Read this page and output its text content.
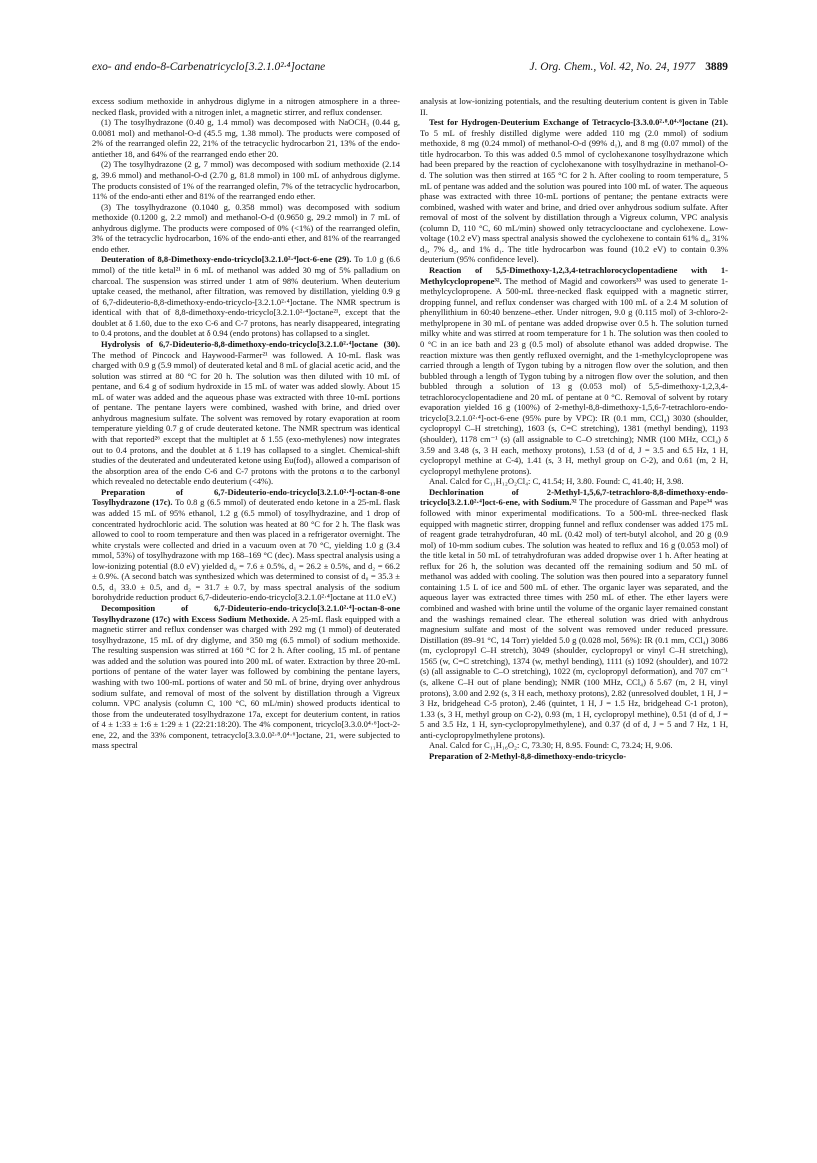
exo- and endo-8-Carbenatricyclo[3.2.1.0²·⁴]octane	J. Org. Chem., Vol. 42, No. 24, 1977 3889

excess sodium methoxide in anhydrous diglyme in a nitrogen atmosphere in a three-necked flask, provided with a nitrogen inlet, a magnetic stirrer, and reflux condenser.

(1) The tosylhydrazone (0.40 g, 1.4 mmol) was decomposed with NaOCH₃ (0.44 g, 0.0081 mol) and methanol-O-d (45.5 mg, 1.38 mmol). The products were composed of 2% of the rearranged olefin 22, 21% of the tetracyclic hydrocarbon 21, 13% of the endo-antiether 18, and 64% of the rearranged endo ether 20.

(2) The tosylhydrazone (2 g, 7 mmol) was decomposed with sodium methoxide (2.14 g, 39.6 mmol) and methanol-O-d (2.70 g, 81.8 mmol) in 100 mL of anhydrous diglyme. The products consisted of 1% of the rearranged olefin, 7% of the tetracyclic hydrocarbon, 11% of the endo-anti ether and 81% of the rearranged endo ether.

(3) The tosylhydrazone (0.1040 g, 0.358 mmol) was decomposed with sodium methoxide (0.1200 g, 2.2 mmol) and methanol-O-d (0.9650 g, 29.2 mmol) in 7 mL of anhydrous diglyme. The products were composed of 0% (<1%) of the rearranged olefin, 3% of the tetracyclic hydrocarbon, 16% of the endo-anti ether, and 81% of the rearranged endo ether.

Deuteration of 8,8-Dimethoxy-endo-tricyclo[3.2.1.0²·⁴]oct-6-ene (29). To 1.0 g (6.6 mmol) of the title ketal²¹ in 6 mL of methanol was added 30 mg of 5% palladium on charcoal. The suspension was stirred under 1 atm of 98% deuterium. When deuterium uptake ceased, the methanol, after filtration, was removed by distillation, yielding 0.9 g of 6,7-dideuterio-8,8-dimethoxy-endo-tricyclo-[3.2.1.0²·⁴]octane. The NMR spectrum is identical with that of 8,8-dimethoxy-endo-tricyclo[3.2.1.0²·⁴]octane²¹, except that the doublet at δ 1.60, due to the exo C-6 and C-7 protons, has nearly disappeared, integrating to 0.4 protons, and the doublet at δ 0.94 (endo protons) has collapsed to a singlet.

Hydrolysis of 6,7-Dideuterio-8,8-dimethoxy-endo-tricyclo[3.2.1.0²·⁴]octane (30). The method of Pincock and Haywood-Farmer²¹ was followed. A 10-mL flask was charged with 0.9 g (5.9 mmol) of deuterated ketal and 8 mL of glacial acetic acid, and the solution was stirred at 80 °C for 20 h. The solution was then diluted with 10 mL of pentane, and 6.4 g of sodium hydroxide in 15 mL of water was added slowly. About 15 mL of water was added and the aqueous phase was extracted with three 10-mL portions of pentane. The pentane layers were combined, washed with brine, and dried over anhydrous magnesium sulfate. The solvent was removed by rotary evaporation at room temperature yielding 0.7 g of crude deuterated ketone. The NMR spectrum was identical with that reported²⁶ except that the multiplet at δ 1.55 (exo-methylenes) now integrates out to 0.4 protons, and the doublet at δ 1.19 has collapsed to a singlet. Chemical-shift studies of the deuterated and undeuterated ketone using Eu(fod)₃ allowed a comparison of the absorption area of the endo C-6 and C-7 protons with the protons α to the carbonyl which revealed no detectable endo deuterium (<4%).

Preparation of 6,7-Dideuterio-endo-tricyclo[3.2.1.0²·⁴]-octan-8-one Tosylhydrazone (17c). To 0.8 g (6.5 mmol) of deuterated endo ketone in a 25-mL flask was added 15 mL of 95% ethanol, 1.2 g (6.5 mmol) of tosylhydrazine, and 1 drop of concentrated hydrochloric acid. The solution was heated at 80 °C for 2 h. The flask was allowed to cool to room temperature and then was placed in a refrigerator overnight. The white crystals were collected and dried in a vacuum oven at 70 °C, yielding 1.0 g (3.4 mmol, 53%) of tosylhydrazone with mp 168–169 °C (dec). Mass spectral analysis using a low-ionizing potential (8.0 eV) yielded d₀ = 7.6 ± 0.5%, d₁ = 26.2 ± 0.5%, and d₂ = 66.2 ± 0.9%. (A second batch was synthesized which was determined to consist of d₀ = 35.3 ± 0.5, d₁ 33.0 ± 0.5, and d₂ = 31.7 ± 0.7, by mass spectral analysis of the sodium borohydride reduction product 6,7-dideuterio-endo-tricyclo[3.2.1.0²·⁴]octane at 11.0 eV.)

Decomposition of 6,7-Dideuterio-endo-tricyclo[3.2.1.0²·⁴]-octan-8-one Tosylhydrazone (17c) with Excess Sodium Methoxide. A 25-mL flask equipped with a magnetic stirrer and reflux condenser was charged with 292 mg (1 mmol) of deuterated tosylhydrazone, 15 mL of dry diglyme, and 350 mg (6.5 mmol) of sodium methoxide. The resulting suspension was stirred at 160 °C for 2 h. After cooling, 15 mL of pentane was added and the solution was poured into 200 mL of water. Extraction by three 20-mL portions of pentane of the water layer was followed by combining the pentane layers, washing with two 100-mL portions of water and 50 mL of brine, drying over anhydrous sodium sulfate, and removal of most of the solvent by distillation through a Vigreux column. VPC analysis (column C, 100 °C, 60 mL/min) showed products identical to those from the undeuterated tosylhydrazone 17a, except for deuterium content, in ratios of 4 ± 1:33 ± 1:6 ± 1:29 ± 1 (22:21:18:20). The 4% component, tricyclo[3.3.0.0⁴·⁶]oct-2-ene, 22, and the 33% component, tetracyclo[3.3.0.0²·⁸.0⁴·⁶]octane, 21, were subjected to mass spectral

analysis at low-ionizing potentials, and the resulting deuterium content is given in Table II.

Test for Hydrogen-Deuterium Exchange of Tetracyclo-[3.3.0.0²·⁸.0⁴·⁶]octane (21). To 5 mL of freshly distilled diglyme were added 110 mg (2.0 mmol) of sodium methoxide, 8 mg (0.24 mmol) of methanol-O-d (99% d₁), and 8 mg (0.07 mmol) of the title hydrocarbon. To this was added 0.5 mmol of cyclohexanone tosylhydrazone which had been prepared by the reaction of cyclohexanone with tosylhydrazine in methanol-O-d. The solution was then stirred at 165 °C for 2 h. After cooling to room temperature, 5 mL of pentane was added and the solution was poured into 100 mL of water. The aqueous phase was extracted with three 10-mL portions of pentane; the pentane extracts were combined, washed with water and brine, and dried over anhydrous sodium sulfate. After removal of most of the solvent by distillation through a Vigreux column, VPC analysis (column D, 110 °C, 60 mL/min) showed only tetracyclooctane and cyclohexene. Low-voltage (10.2 eV) mass spectral analysis showed the cyclohexene to contain 61% d₄, 31% d₃, 7% d₂, and 1% d₁. The title hydrocarbon was found (10.2 eV) to contain 0.3% deuterium (95% confidence level).

Reaction of 5,5-Dimethoxy-1,2,3,4-tetrachlorocyclopentadiene with 1-Methylcyclopropene³². The method of Magid and coworkers³³ was used to generate 1-methylcyclopropene. A 500-mL three-necked flask equipped with a magnetic stirrer, dropping funnel, and reflux condenser was charged with 100 mL of a 2.4 M solution of phenyllithium in 60:40 benzene–ether. Under nitrogen, 9.0 g (0.115 mol) of 3-chloro-2-methylpropene in 30 mL of pentane was added dropwise over 0.5 h. The solution turned milky white and was stirred at room temperature for 1 h. The solution was then cooled to 0 °C in an ice bath and 23 g (0.5 mol) of absolute ethanol was added dropwise. The reaction mixture was then gently refluxed overnight, and the 1-methylcyclopropene was carried through a length of Tygon tubing by a nitrogen flow over the solution, and then bubbled through a length of Tygon tubing by a nitrogen flow over the solution, and then bubbled through a solution of 13 g (0.053 mol) of 5,5-dimethoxy-1,2,3,4-tetrachlorocyclopentadiene and 20 mL of pentane at 0 °C. Removal of solvent by rotary evaporation yielded 16 g (100%) of 2-methyl-8,8-dimethoxy-1,5,6-7-tetrachloro-endo-tricyclo[3.2.1.0²·⁴]-oct-6-ene (95% pure by VPC): IR (0.1 mm, CCl₄) 3030 (shoulder, cyclopropyl C–H stretching), 1603 (s, C=C stretching), 1381 (methyl bending), 1193 (shoulder), 1178 cm⁻¹ (s) (all assignable to C–O stretching); NMR (100 MHz, CCl₄) δ 3.59 and 3.48 (s, 3 H each, methoxy protons), 1.53 (d of d, J = 3.5 and 6.5 Hz, 1 H, cyclopropyl methine at C-4), 1.41 (s, 3 H, methyl group on C-2), and 0.61 (m, 2 H, cyclopropyl methylene protons).

Anal. Calcd for C₁₁H₁₂O₂Cl₄: C, 41.54; H, 3.80. Found: C, 41.40; H, 3.98.

Dechlorination of 2-Methyl-1,5,6,7-tetrachloro-8,8-dimethoxy-endo-tricyclo[3.2.1.0²·⁴]oct-6-ene, with Sodium.³² The procedure of Gassman and Pape³⁴ was followed with minor experimental modifications. To a 500-mL three-necked flask equipped with magnetic stirrer, dropping funnel and reflux condenser was added 175 mL of reagent grade tetrahydrofuran, 40 mL (0.42 mol) of tert-butyl alcohol, and 20 g (0.9 mol) of 10-mm sodium cubes. The solution was heated to reflux and 16 g (0.053 mol) of the title ketal in 50 mL of tetrahydrofuran was added dropwise over 1 h. After heating at reflux for 26 h, the solution was decanted off the remaining sodium and 50 mL of methanol was added with cooling. The solution was then poured into a separatory funnel containing 1.5 L of ice and 500 mL of ether. The organic layer was separated, and the aqueous layer was extracted three times with 250 mL of ether. The ether layers were combined and washed with brine until the volume of the organic layer remained constant and the washings remained clear. The ethereal solution was dried with anhydrous magnesium sulfate and most of the solvent was removed under reduced pressure. Distillation (89–91 °C, 14 Torr) yielded 5.0 g (0.028 mol, 56%): IR (0.1 mm, CCl₄) 3086 (m, cyclopropyl C–H stretch), 3049 (shoulder, cyclopropyl or vinyl C–H stretching), 1565 (w, C=C stretching), 1374 (w, methyl bending), 1111 (s) 1092 (shoulder), and 1072 (s) (all assignable to C–O stretching), 1022 (m, cyclopropyl deformation), and 707 cm⁻¹ (s, alkene C–H out of plane bending); NMR (100 MHz, CCl₄) δ 5.67 (m, 2 H, vinyl protons), 3.00 and 2.92 (s, 3 H each, methoxy protons), 2.82 (unresolved doublet, 1 H, J = 3 Hz, bridgehead C-5 proton), 2.46 (quintet, 1 H, J = 1.5 Hz, bridgehead C-1 proton), 1.33 (s, 3 H, methyl group on C-2), 0.93 (m, 1 H, cyclopropyl methine), 0.51 (d of d, J = 5 and 3.5 Hz, 1 H, syn-cyclopropylmethylene), and 0.37 (d of d, J = 5 and 7 Hz, 1 H, anti-cyclopropylmethylene protons).

Anal. Calcd for C₁₁H₁₆O₂: C, 73.30; H, 8.95. Found: C, 73.24; H, 9.06.

Preparation of 2-Methyl-8,8-dimethoxy-endo-tricyclo-
